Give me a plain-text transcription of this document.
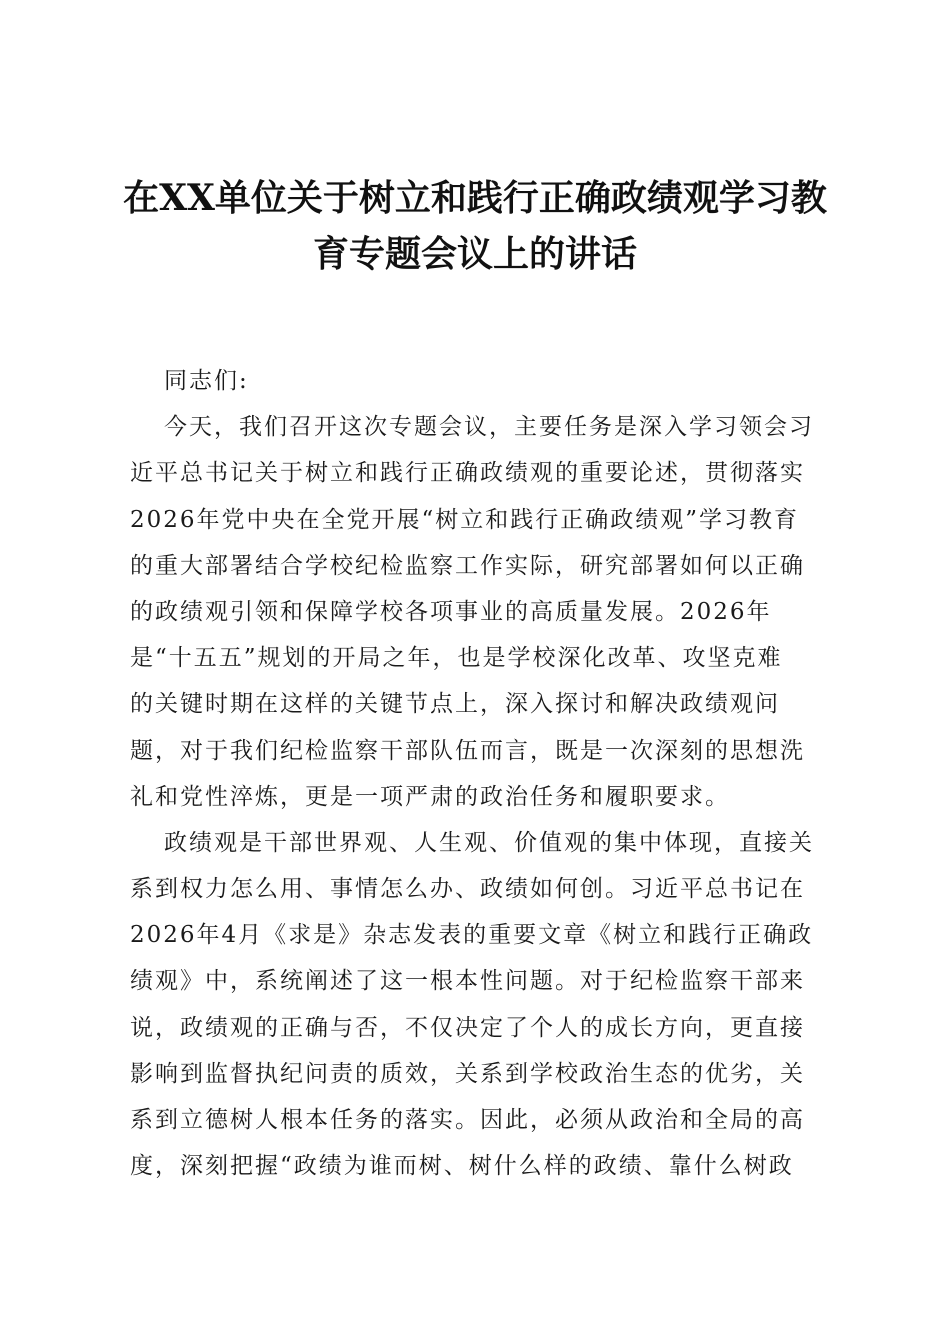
在XX单位关于树立和践行正确政绩观学习教
育专题会议上的讲话
同志们:
今天，我们召开这次专题会议，主要任务是深入学习领会习
近平总书记关于树立和践行正确政绩观的重要论述，贯彻落实
2026年党中央在全党开展“树立和践行正确政绩观”学习教育
的重大部署结合学校纪检监察工作实际，研究部署如何以正确
的政绩观引领和保障学校各项事业的高质量发展。2026年
是“十五五”规划的开局之年，也是学校深化改革、攻坚克难
的关键时期在这样的关键节点上，深入探讨和解决政绩观问
题，对于我们纪检监察干部队伍而言，既是一次深刻的思想洗
礼和党性淬炼，更是一项严肃的政治任务和履职要求。
政绩观是干部世界观、人生观、价值观的集中体现，直接关
系到权力怎么用、事情怎么办、政绩如何创。习近平总书记在
2026年4月《求是》杂志发表的重要文章《树立和践行正确政
绩观》中，系统阐述了这一根本性问题。对于纪检监察干部来
说，政绩观的正确与否，不仅决定了个人的成长方向，更直接
影响到监督执纪问责的质效，关系到学校政治生态的优劣，关
系到立德树人根本任务的落实。因此，必须从政治和全局的高
度，深刻把握“政绩为谁而树、树什么样的政绩、靠什么树政
